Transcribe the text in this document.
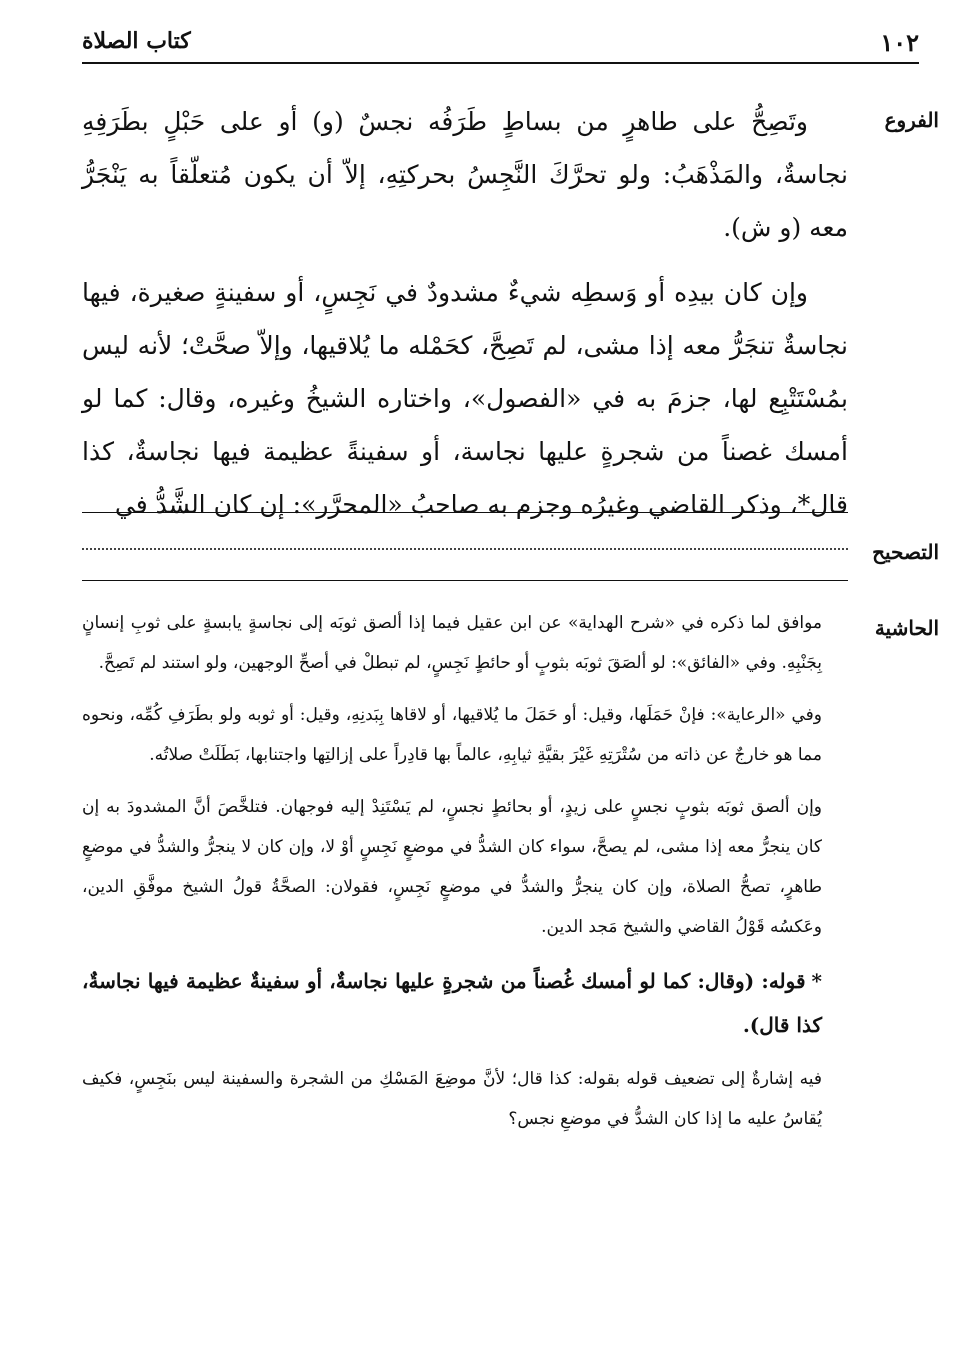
كتاب الصلاة	١٠٢
الفروع

وتَصِحُّ على طاهرٍ من بساطٍ طَرَفُه نجسٌ (و) أو على حَبْلٍ بطَرَفِهِ نجاسةٌ، والمَذْهَبُ: ولو تحرَّكَ النَّجِسُ بحركتِهِ، إلاّ أن يكون مُتعلّقاً به يَنْجَرُّ معه (و ش).

وإن كان بيدِه أو وَسطِه شيءٌ مشدودٌ في نَجِسٍ، أو سفينةٍ صغيرة، فيها نجاسةٌ تنجَرُّ معه إذا مشى، لم تَصِحَّ، كحَمْله ما يُلاقيها، وإلاّ صحَّتْ؛ لأنه ليس بمُسْتَتْبِع لها، جزمَ به في «الفصول»، واختاره الشيخُ وغيره، وقال: كما لو أمسك غصناً من شجرةٍ عليها نجاسة، أو سفينةً عظيمة فيها نجاسةٌ، كذا قال*، وذكر القاضي وغيرُه وجزم به صاحبُ «المحرَّر»: إن كان الشَّدُّ في

التصحيح
الحاشية

موافق لما ذكره في «شرح الهداية» عن ابن عقيل فيما إذا ألصق ثوبَه إلى نجاسةٍ يابسةٍ على ثوبِ إنسانٍ بِجَنْبِهِ. وفي «الفائق»: لو ألصَقَ ثوبَه بثوبٍ أو حائطٍ نَجِسٍ، لم تبطلْ في أصحِّ الوجهين، ولو استند لم تَصِحَّ.

وفي «الرعاية»: فإنْ حَمَلَها، وقيل: أو حَمَلَ ما يُلاقيها، أو لاقاها بِبَدنِهِ، وقيل: أو ثوبه ولو بطَرَفِ كُمِّه، ونحوه مما هو خارجٌ عن ذاته من سُتْرَتِهِ غَيْرَ بقيَّةِ ثيابِهِ، عالماً بها قادِراً على إزالتِها واجتنابها، بَطَلَتْ صلاتُه.

وإن ألصق ثوبَه بثوبٍ نجسٍ على زيدٍ، أو بحائطٍ نجسٍ، لم يَسْتَنِدْ إليه فوجهان. فتلخَّصَ أنَّ المشدودَ به إن كان ينجرُّ معه إذا مشى، لم يصحَّ، سواء كان الشدُّ في موضعٍ نَجِسٍ أوْ لا، وإن كان لا ينجرُّ والشدُّ في موضعٍ طاهرٍ، تصحُّ الصلاة، وإن كان ينجرُّ والشدُّ في موضعٍ نَجِسٍ، فقولان: الصحَّةُ قولُ الشيخ موفَّقِ الدين، وعَكسُه قَوْلُ القاضي والشيخ مَجد الدين.

*قوله: (وقال: كما لو أمسك غُصناً من شجرةٍ عليها نجاسةٌ، أو سفينةٌ عظيمة فيها نجاسةٌ، كذا قال).

فيه إشارةٌ إلى تضعيف قوله بقوله: كذا قال؛ لأنَّ موضِعَ المَسْكِ من الشجرة والسفينة ليس بنَجِسٍ، فكيف يُقاسُ عليه ما إذا كان الشدُّ في موضعِ نجس؟
